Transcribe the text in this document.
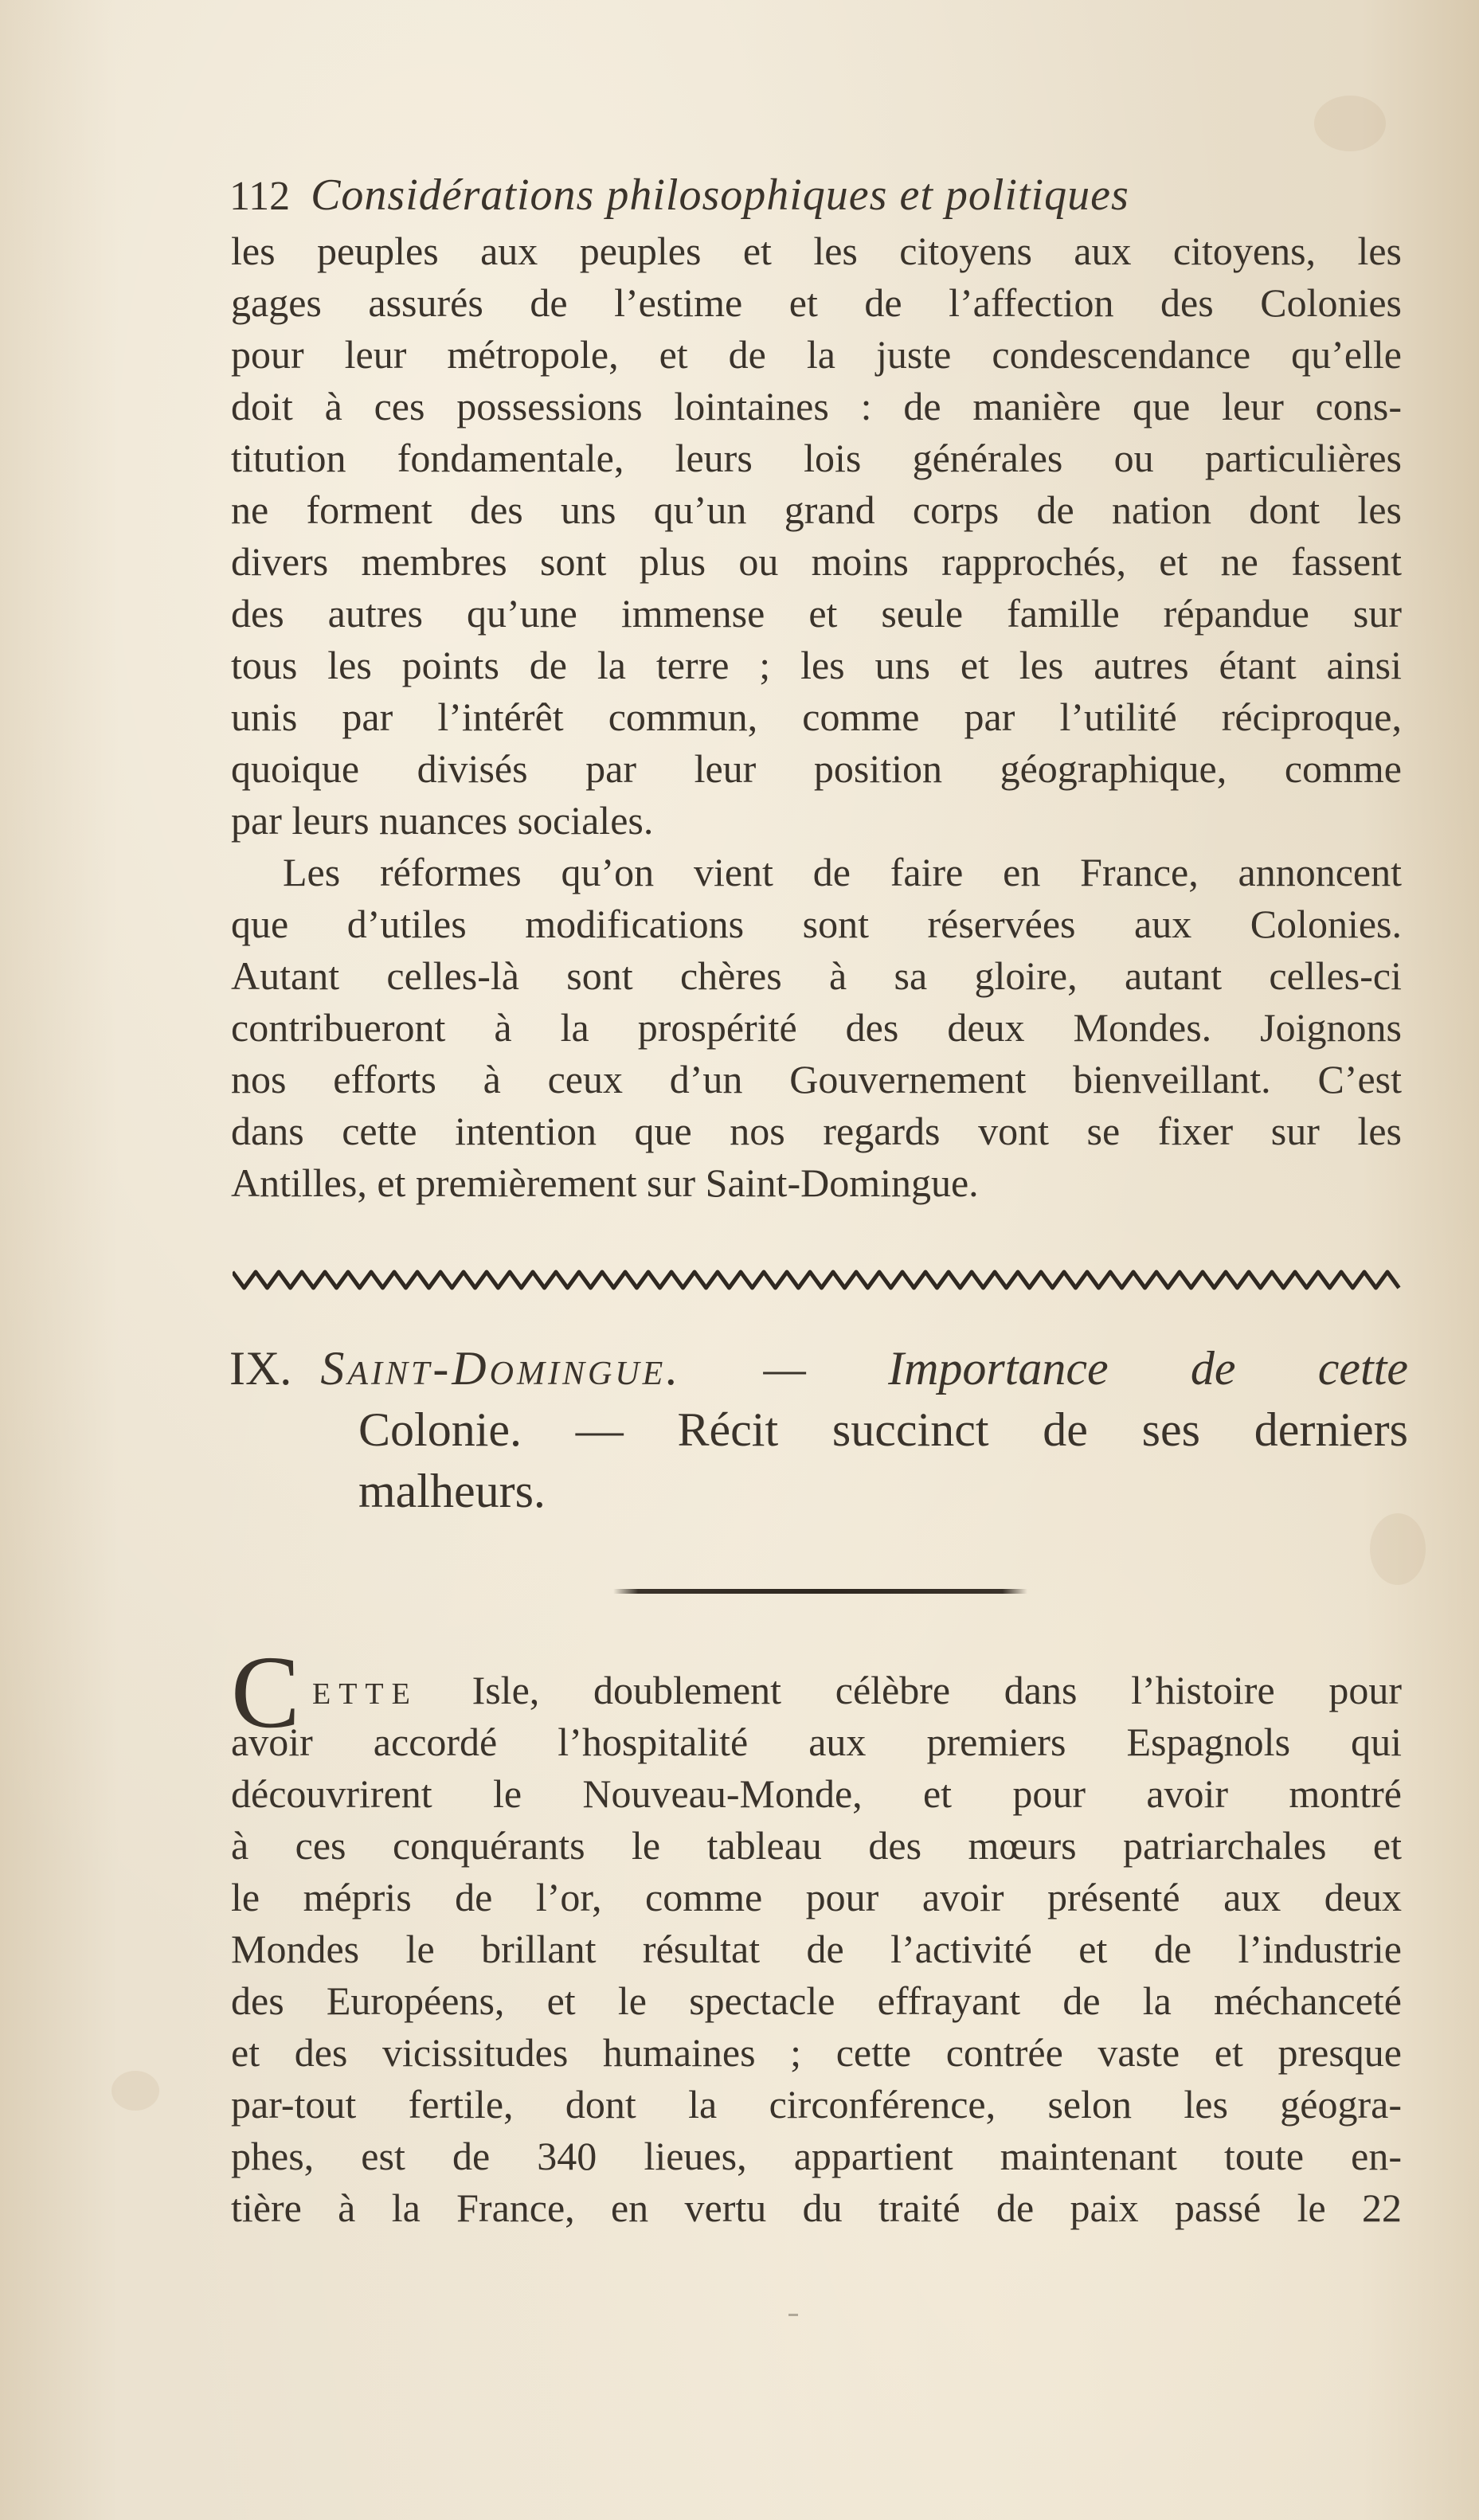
112 Considérations philosophiques et politiques
les peuples aux peuples et les citoyens aux citoyens, les
gages assurés de l’estime et de l’affection des Colonies
pour leur métropole, et de la juste condescendance qu’elle
doit à ces possessions lointaines : de manière que leur cons-
titution fondamentale, leurs lois générales ou particulières
ne forment des uns qu’un grand corps de nation dont les
divers membres sont plus ou moins rapprochés, et ne fassent
des autres qu’une immense et seule famille répandue sur
tous les points de la terre ; les uns et les autres étant ainsi
unis par l’intérêt commun, comme par l’utilité réciproque,
quoique divisés par leur position géographique, comme
par leurs nuances sociales.
Les réformes qu’on vient de faire en France, annoncent
que d’utiles modifications sont réservées aux Colonies.
Autant celles-là sont chères à sa gloire, autant celles-ci
contribueront à la prospérité des deux Mondes. Joignons
nos efforts à ceux d’un Gouvernement bienveillant. C’est
dans cette intention que nos regards vont se fixer sur les
Antilles, et premièrement sur Saint-Domingue.
IX. Saint-Domingue. — Importance de cette
Colonie. — Récit succinct de ses derniers
malheurs.
C ETTE Isle, doublement célèbre dans l’histoire pour
avoir accordé l’hospitalité aux premiers Espagnols qui
découvrirent le Nouveau-Monde, et pour avoir montré
à ces conquérants le tableau des mœurs patriarchales et
le mépris de l’or, comme pour avoir présenté aux deux
Mondes le brillant résultat de l’activité et de l’industrie
des Européens, et le spectacle effrayant de la méchanceté
et des vicissitudes humaines ; cette contrée vaste et presque
par-tout fertile, dont la circonférence, selon les géogra-
phes, est de 340 lieues, appartient maintenant toute en-
tière à la France, en vertu du traité de paix passé le 22
